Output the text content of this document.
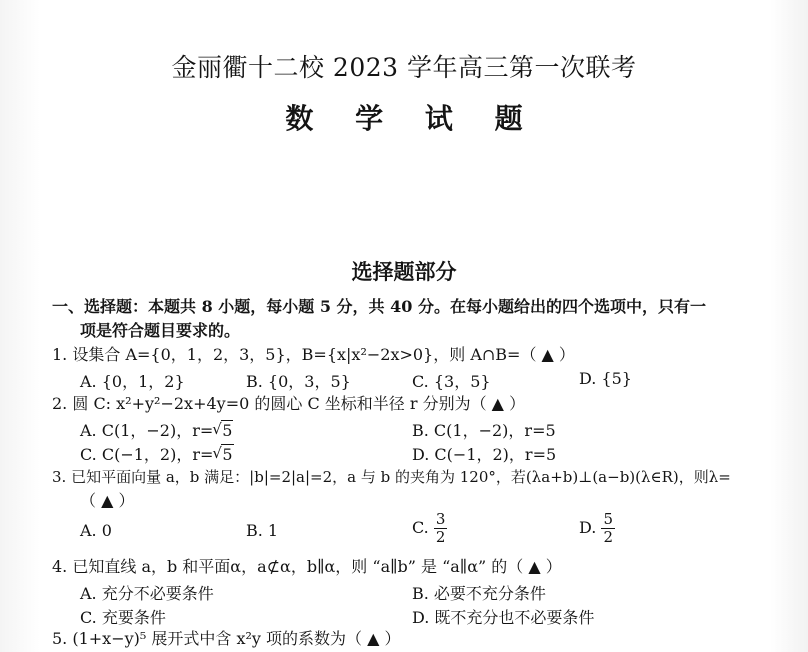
金丽衢十二校 2023 学年高三第一次联考
数 学 试 题
选择题部分
一、选择题：本题共 8 小题，每小题 5 分，共 40 分。在每小题给出的四个选项中，只有一
项是符合题目要求的。
1. 设集合 A={0，1，2，3，5}，B={x|x²−2x>0}，则 A∩B=（ ▲ ）
A. {0，1，2}	B. {0，3，5}	C. {3，5}	D. {5}
2. 圆 C: x²+y²−2x+4y=0 的圆心 C 坐标和半径 r 分别为（ ▲ ）
A. C(1，−2)，r= √ 5	B. C(1，−2)，r=5
C. C(−1，2)，r= √ 5	D. C(−1，2)，r=5
3. 已知平面向量 a，b 满足：|b|=2|a|=2，a 与 b 的夹角为 120°，若(λa+b)⊥(a−b)(λ∈R)，则λ=
（ ▲ ）
A. 0	B. 1	C. $\frac{3}{2}$	D. $\frac{5}{2}$
4. 已知直线 a，b 和平面α，a⊄α，b∥α，则 “a∥b” 是 “a∥α” 的（ ▲ ）
A. 充分不必要条件	B. 必要不充分条件
C. 充要条件	D. 既不充分也不必要条件
5. (1+x−y)⁵ 展开式中含 x²y 项的系数为（ ▲ ）
